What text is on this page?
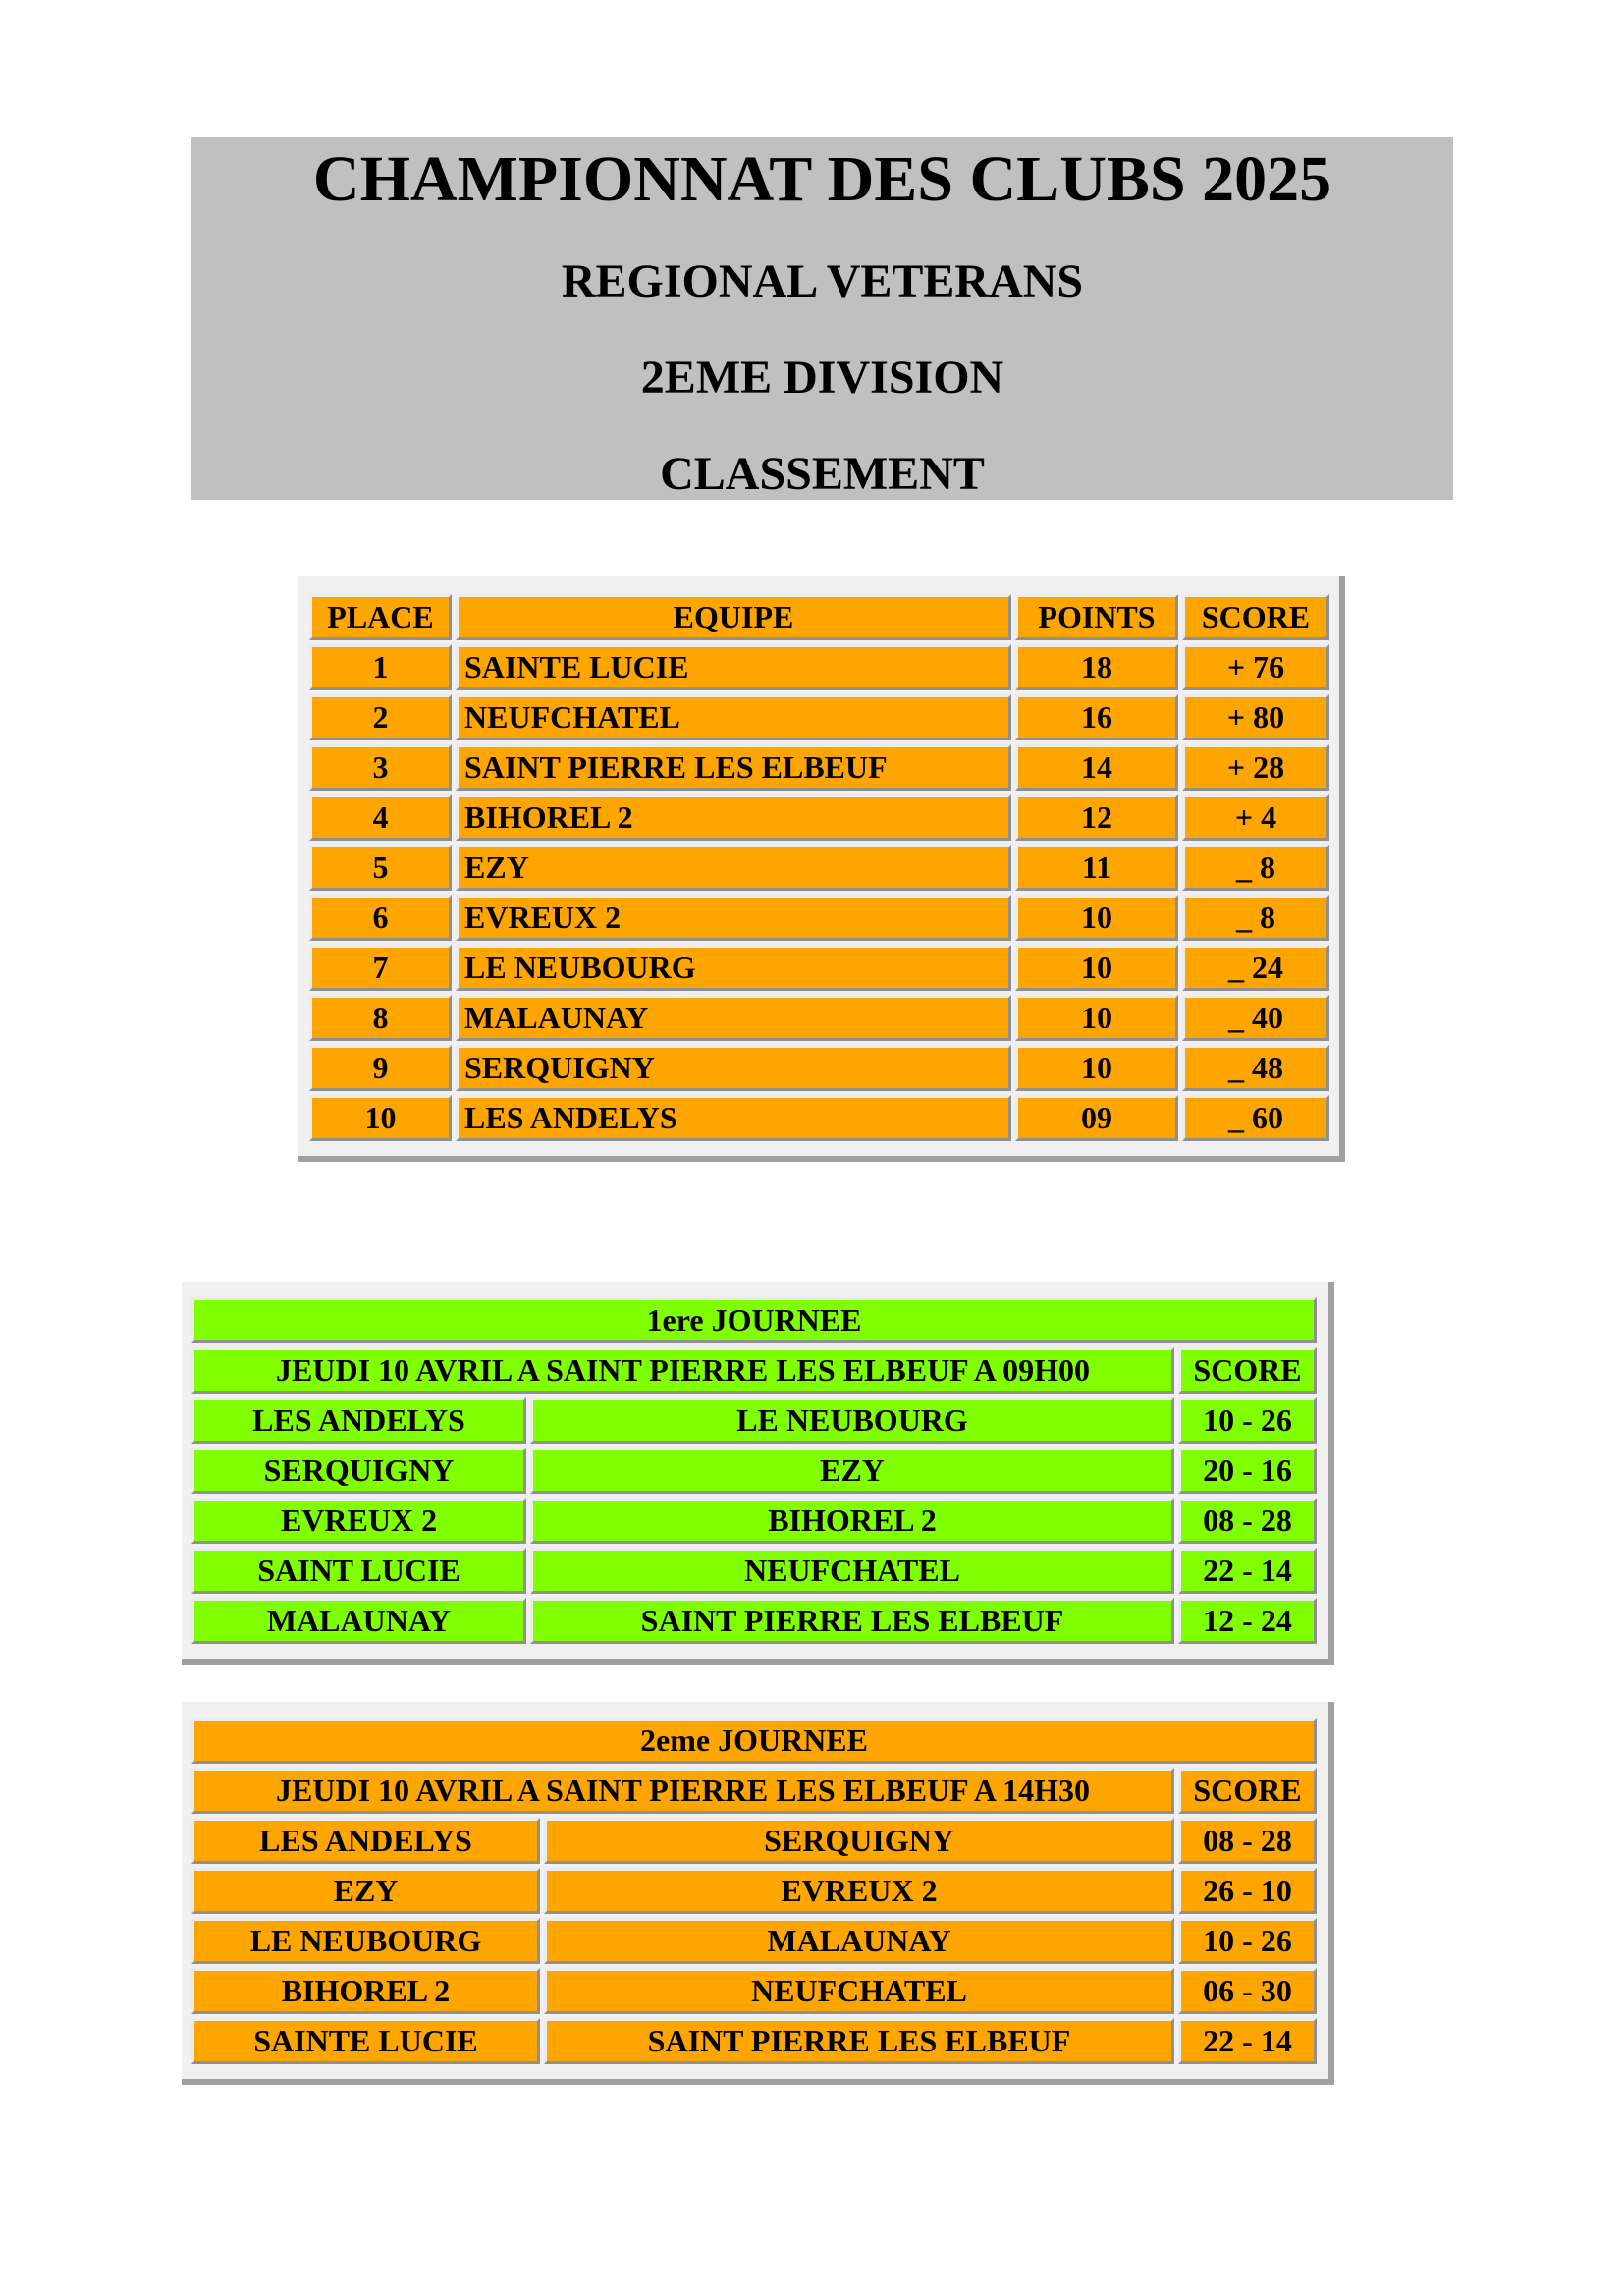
CHAMPIONNAT DES CLUBS 2025
REGIONAL VETERANS
2EME DIVISION
CLASSEMENT
PLACE	EQUIPE	POINTS	SCORE
1	SAINTE LUCIE	18	+ 76
2	NEUFCHATEL	16	+ 80
3	SAINT PIERRE LES ELBEUF	14	+ 28
4	BIHOREL 2	12	+ 4
5	EZY	11	_ 8
6	EVREUX 2	10	_ 8
7	LE NEUBOURG	10	_ 24
8	MALAUNAY	10	_ 40
9	SERQUIGNY	10	_ 48
10	LES ANDELYS	09	_ 60
1ere JOURNEE		
JEUDI 10 AVRIL A SAINT PIERRE LES ELBEUF A 09H00		SCORE
LES ANDELYS	LE NEUBOURG	10 - 26
SERQUIGNY	EZY	20 - 16
EVREUX 2	BIHOREL 2	08 - 28
SAINT LUCIE	NEUFCHATEL	22 - 14
MALAUNAY	SAINT PIERRE LES ELBEUF	12 - 24
2eme JOURNEE		
JEUDI 10 AVRIL A SAINT PIERRE LES ELBEUF A 14H30		SCORE
LES ANDELYS	SERQUIGNY	08 - 28
EZY	EVREUX 2	26 - 10
LE NEUBOURG	MALAUNAY	10 - 26
BIHOREL 2	NEUFCHATEL	06 - 30
SAINTE LUCIE	SAINT PIERRE LES ELBEUF	22 - 14
